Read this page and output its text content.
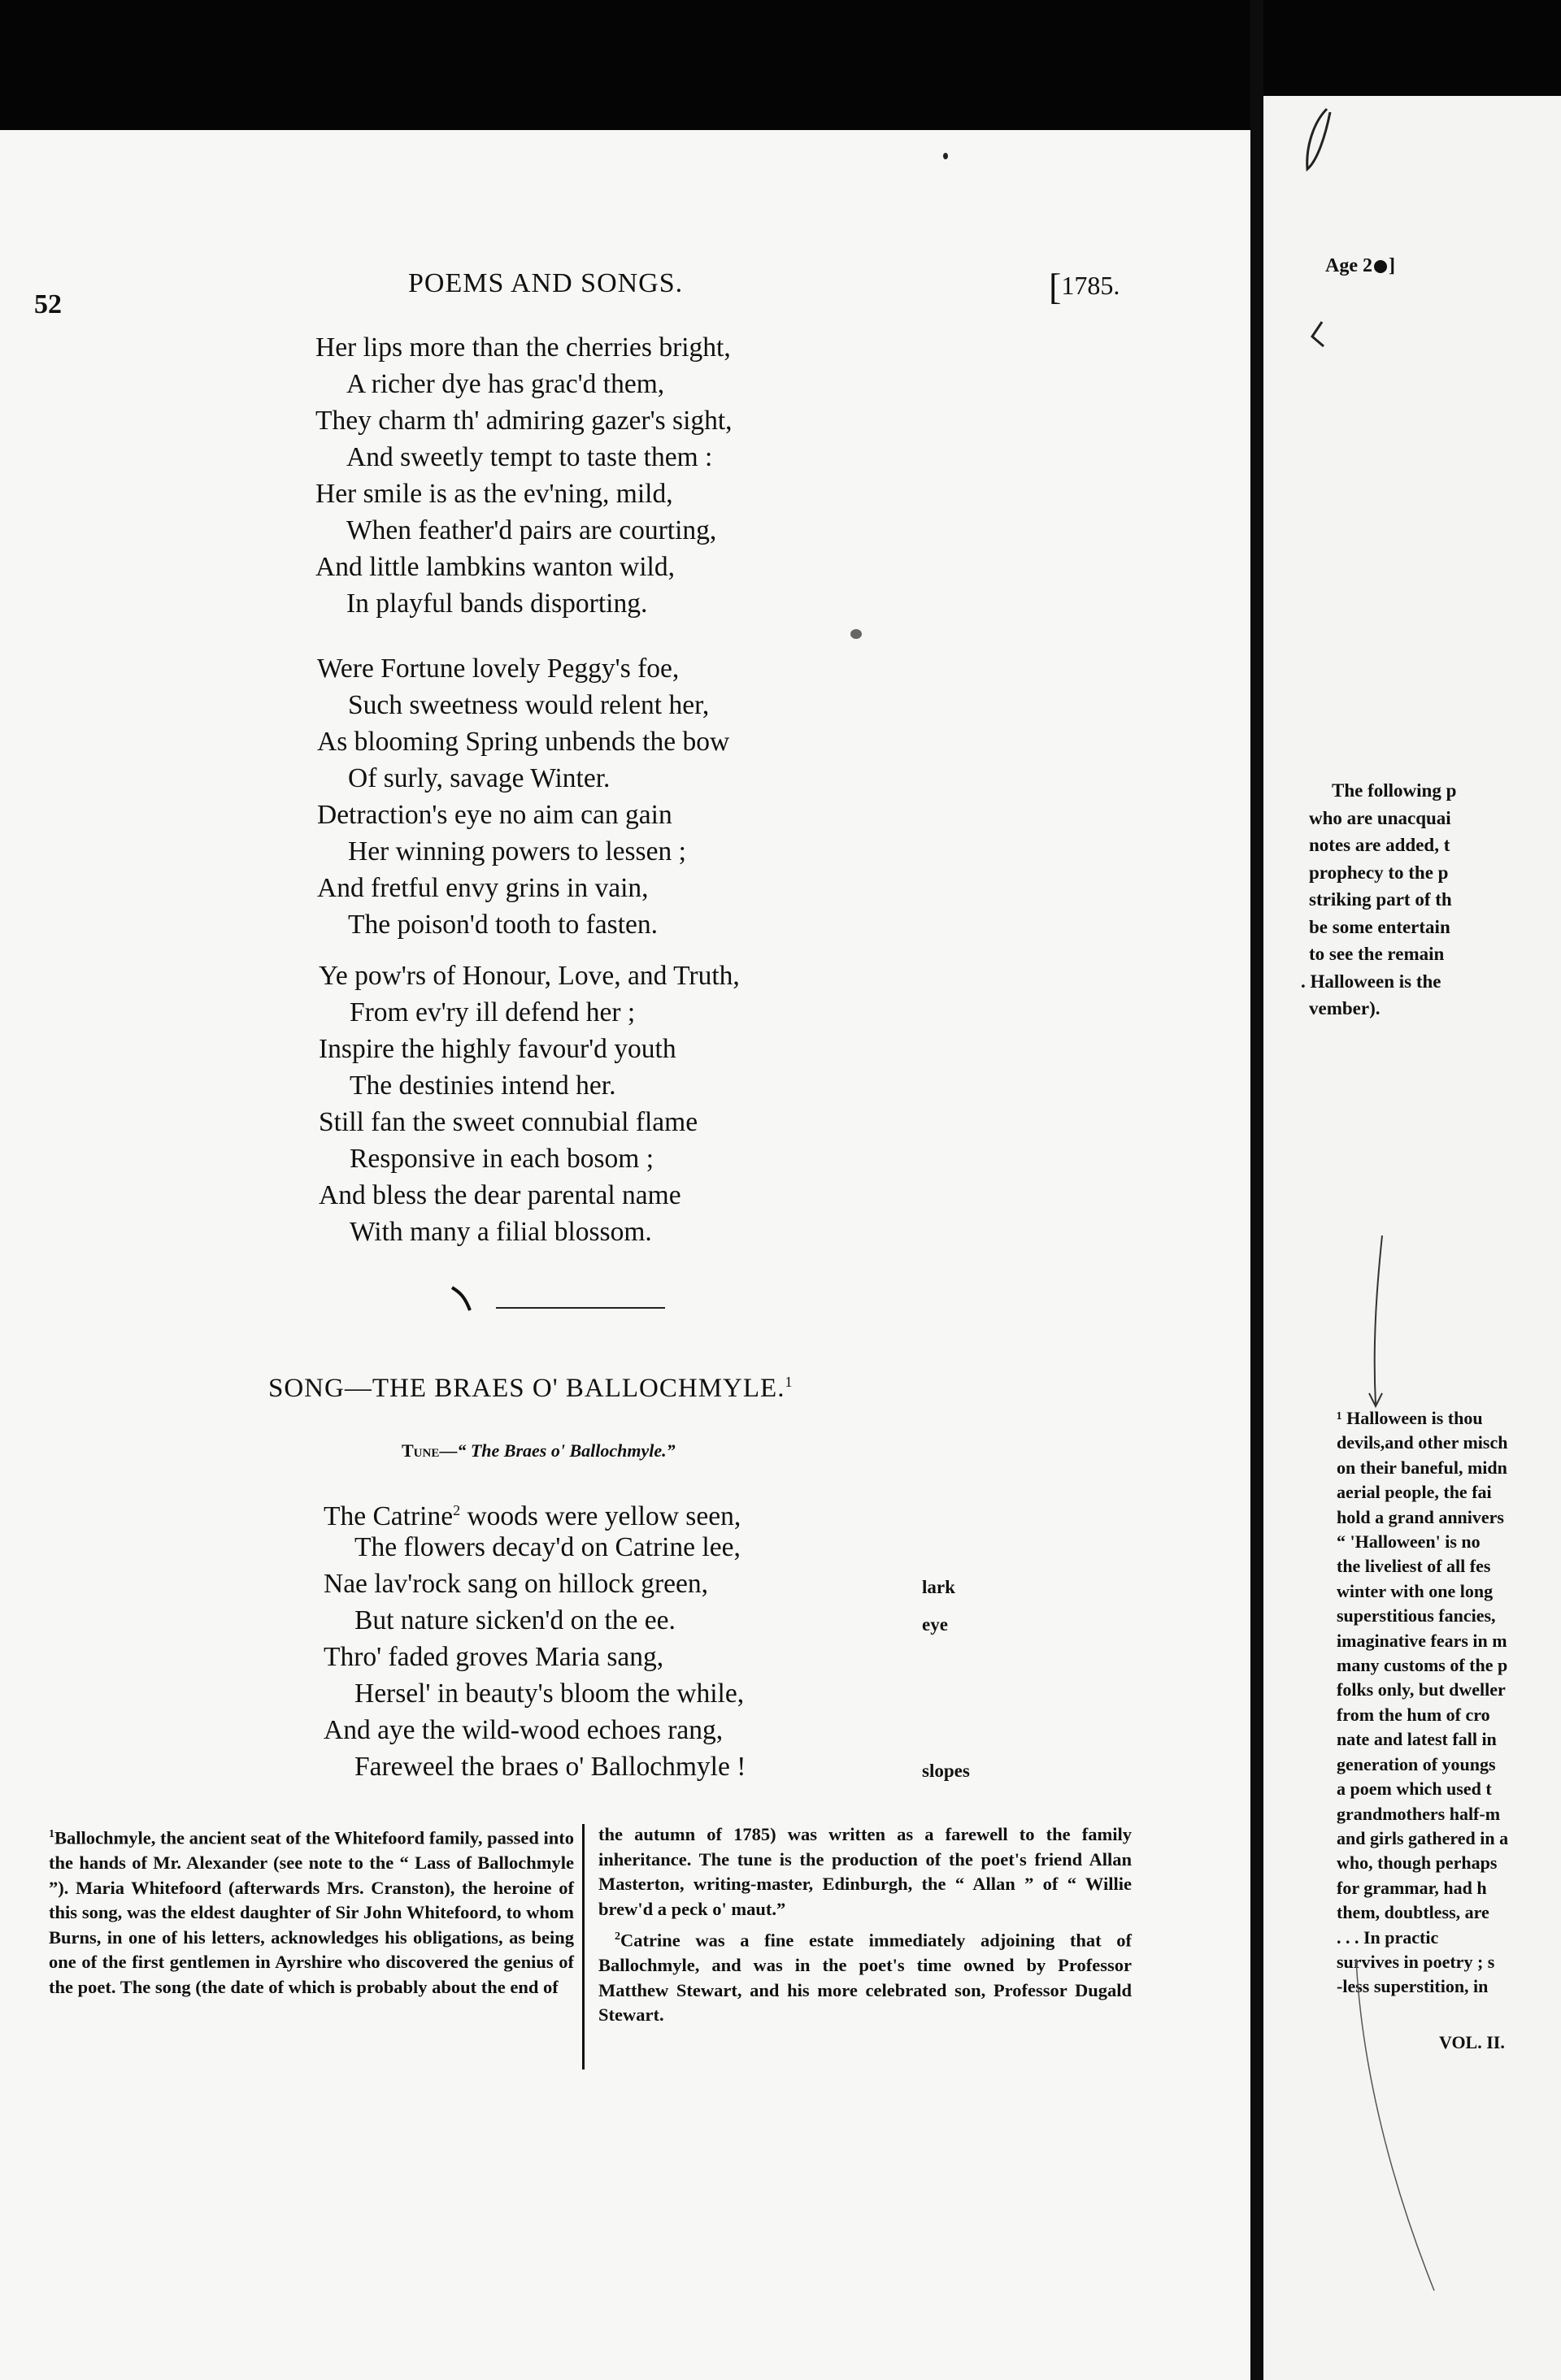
52
POEMS AND SONGS.	[1785.
Her lips more than the cherries bright,
A richer dye has grac'd them,
They charm th' admiring gazer's sight,
And sweetly tempt to taste them :
Her smile is as the ev'ning, mild,
When feather'd pairs are courting,
And little lambkins wanton wild,
In playful bands disporting.
Were Fortune lovely Peggy's foe,
Such sweetness would relent her,
As blooming Spring unbends the bow
Of surly, savage Winter.
Detraction's eye no aim can gain
Her winning powers to lessen ;
And fretful envy grins in vain,
The poison'd tooth to fasten.
Ye pow'rs of Honour, Love, and Truth,
From ev'ry ill defend her ;
Inspire the highly favour'd youth
The destinies intend her.
Still fan the sweet connubial flame
Responsive in each bosom ;
And bless the dear parental name
With many a filial blossom.
SONG—THE BRAES O' BALLOCHMYLE.$^1$
Tune—“ The Braes o' Ballochmyle.”
The Catrine$^2$ woods were yellow seen,
The flowers decay'd on Catrine lee,
Nae lav'rock sang on hillock green,
But nature sicken'd on the ee.
Thro' faded groves Maria sang,
Hersel' in beauty's bloom the while,
And aye the wild-wood echoes rang,
Fareweel the braes o' Ballochmyle !
lark
eye
slopes
$^1$Ballochmyle, the ancient seat of the Whitefoord family, passed into the hands of Mr. Alexander (see note to the “ Lass of Ballochmyle ”). Maria Whitefoord (afterwards Mrs. Cranston), the heroine of this song, was the eldest daughter of Sir John Whitefoord, to whom Burns, in one of his letters, acknowledges his obligations, as being one of the first gentlemen in Ayrshire who discovered the genius of the poet. The song (the date of which is probably about the end of
the autumn of 1785) was written as a farewell to the family inheritance. The tune is the production of the poet's friend Allan Masterton, writing-master, Edinburgh, the “ Allan ” of “ Willie brew'd a peck o' maut.”
$^2$Catrine was a fine estate immediately adjoining that of Ballochmyle, and was in the poet's time owned by Professor Matthew Stewart, and his more celebrated son, Professor Dugald Stewart.
Age 2 ]
The following p
who are unacquai
notes are added, t
prophecy to the p
striking part of th
be some entertain
to see the remain
. Halloween is the
vember).
¹ Halloween is thou
devils,and other misch
on their baneful, midn
aerial people, the fai
hold a grand annivers
“ 'Halloween' is no
the liveliest of all fes
winter with one long
superstitious fancies,
imaginative fears in m
many customs of the p
folks only, but dweller
from the hum of cro
nate and latest fall in
generation of youngs
a poem which used t
grandmothers half-m
and girls gathered in a
who, though perhaps
for grammar, had h
them, doubtless, are
. . . In practic
survives in poetry ; s
-less superstition, in
VOL. II.
